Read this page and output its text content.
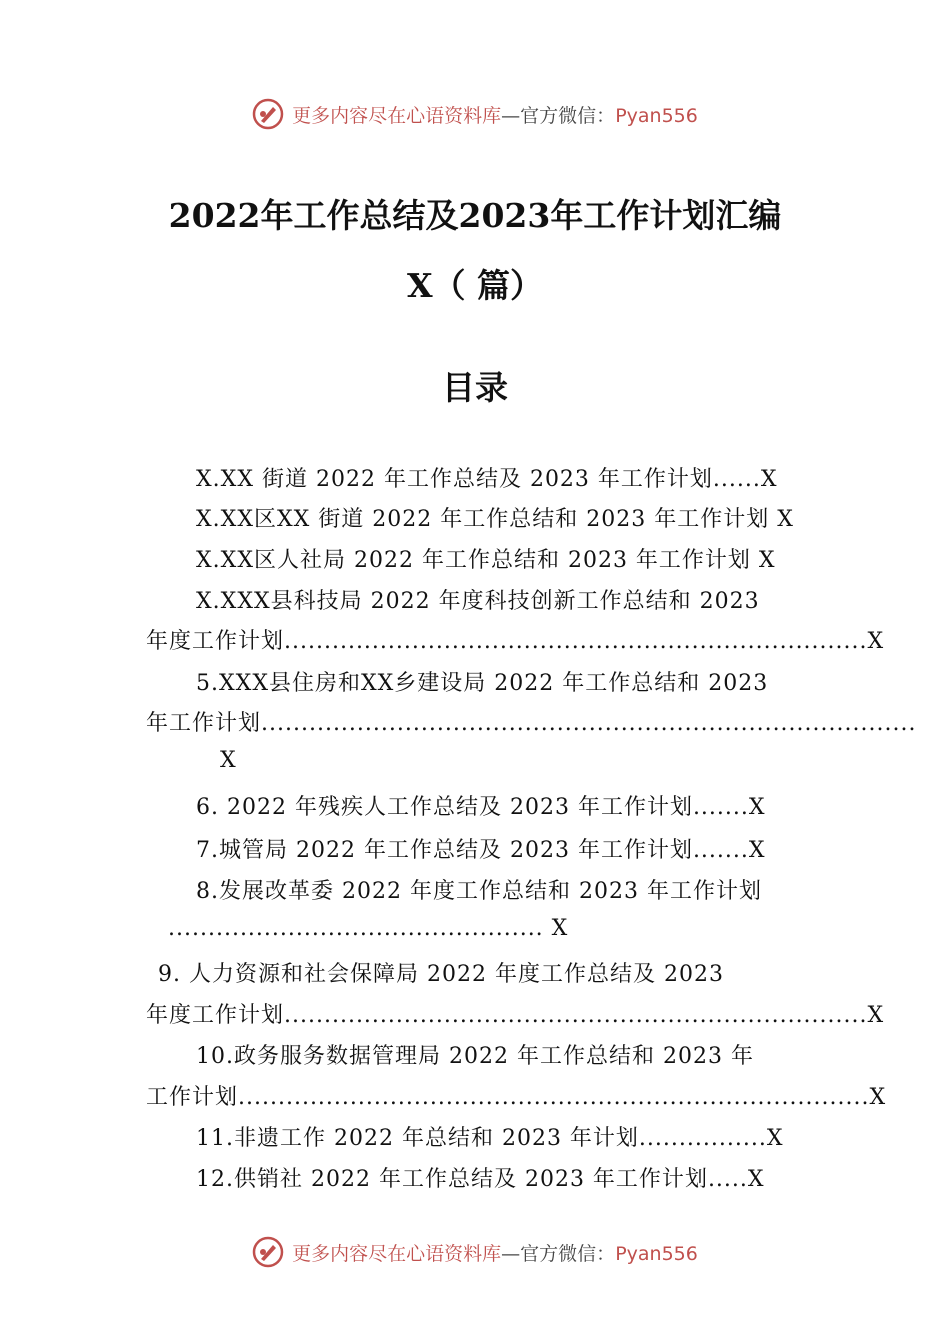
更多内容尽在心语资料库—官方微信：Pyan556
2022年工作总结及2023年工作计划汇编
X（ 篇）
目录
X.XX 街道 2022 年工作总结及 2023 年工作计划......X
X.XX区XX 街道 2022 年工作总结和 2023 年工作计划 X
X.XX区人社局 2022 年工作总结和 2023 年工作计划 X
X.XXX县科技局 2022 年度科技创新工作总结和 2023
年度工作计划.........................................................................X
5.XXX县住房和XX乡建设局 2022 年工作总结和 2023
年工作计划..................................................................................
X
6. 2022 年残疾人工作总结及 2023 年工作计划.......X
7.城管局 2022 年工作总结及 2023 年工作计划.......X
8.发展改革委 2022 年度工作总结和 2023 年工作计划
............................................... X
9. 人力资源和社会保障局 2022 年度工作总结及 2023
年度工作计划.........................................................................X
10.政务服务数据管理局 2022 年工作总结和 2023 年
工作计划...............................................................................X
11.非遗工作 2022 年总结和 2023 年计划................X
12.供销社 2022 年工作总结及 2023 年工作计划.....X
更多内容尽在心语资料库—官方微信：Pyan556
